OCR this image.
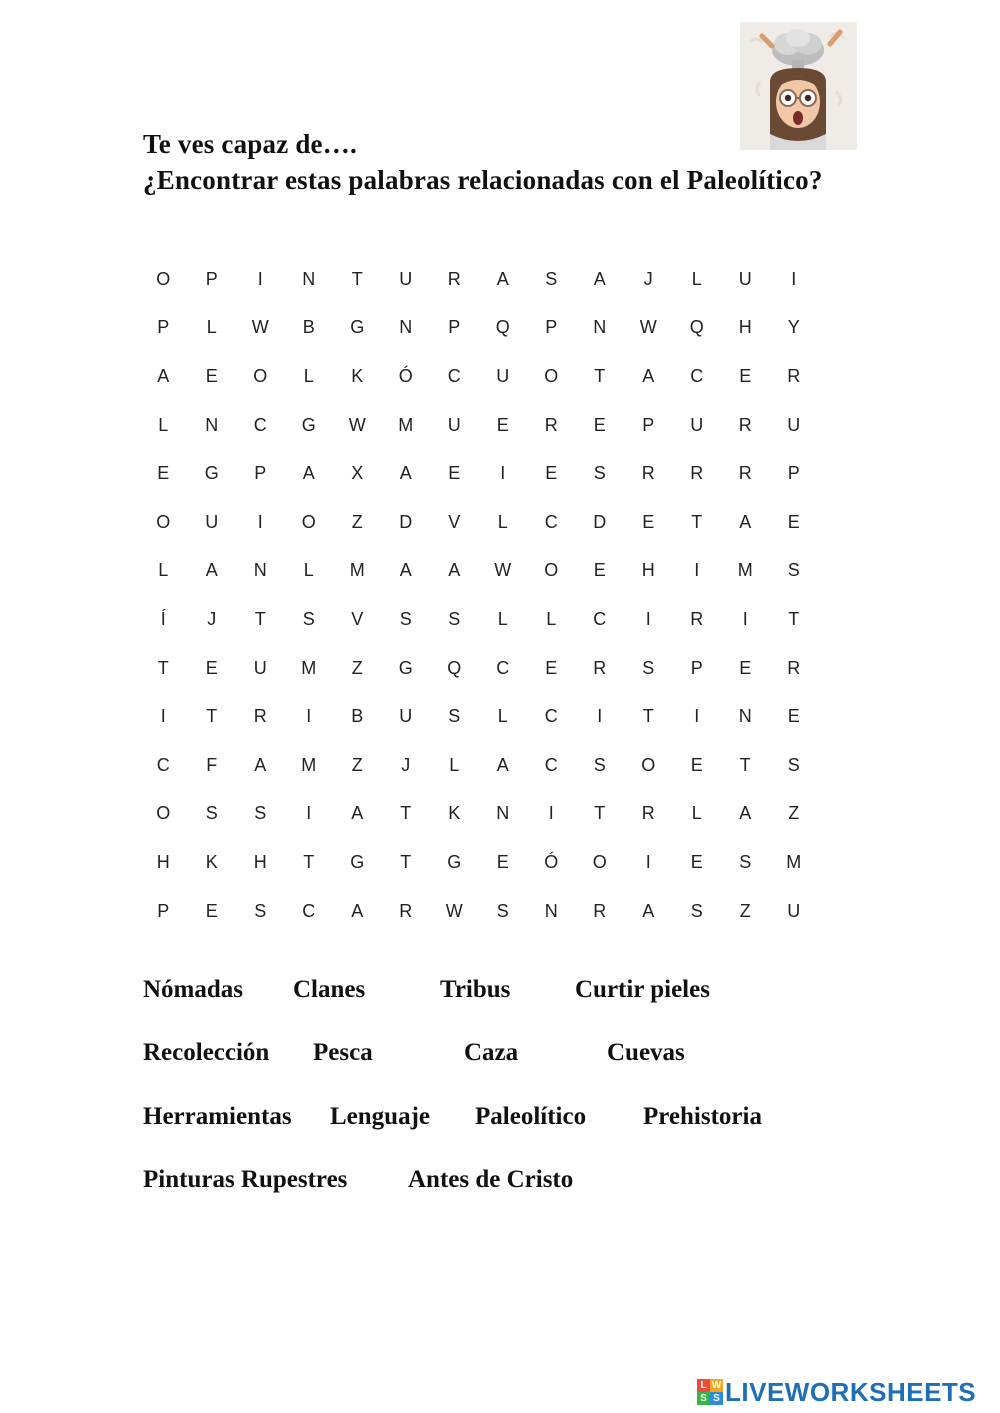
Te ves capaz de….
¿Encontrar estas palabras relacionadas con el Paleolítico?
O	P	I	N	T	U	R	A	S	A	J	L	U	I
P	L	W	B	G	N	P	Q	P	N	W	Q	H	Y
A	E	O	L	K	Ó	C	U	O	T	A	C	E	R
L	N	C	G	W	M	U	E	R	E	P	U	R	U
E	G	P	A	X	A	E	I	E	S	R	R	R	P
O	U	I	O	Z	D	V	L	C	D	E	T	A	E
L	A	N	L	M	A	A	W	O	E	H	I	M	S
Í	J	T	S	V	S	S	L	L	C	I	R	I	T
T	E	U	M	Z	G	Q	C	E	R	S	P	E	R
I	T	R	I	B	U	S	L	C	I	T	I	N	E
C	F	A	M	Z	J	L	A	C	S	O	E	T	S
O	S	S	I	A	T	K	N	I	T	R	L	A	Z
H	K	H	T	G	T	G	E	Ó	O	I	E	S	M
P	E	S	C	A	R	W	S	N	R	A	S	Z	U
Nómadas Clanes	Tribus	Curtir pieles
Recolección Pesca	Caza	Cuevas
Herramientas Lenguaje Paleolítico Prehistoria
Pinturas Rupestres Antes de Cristo
L W
S S LIVEWORKSHEETS
